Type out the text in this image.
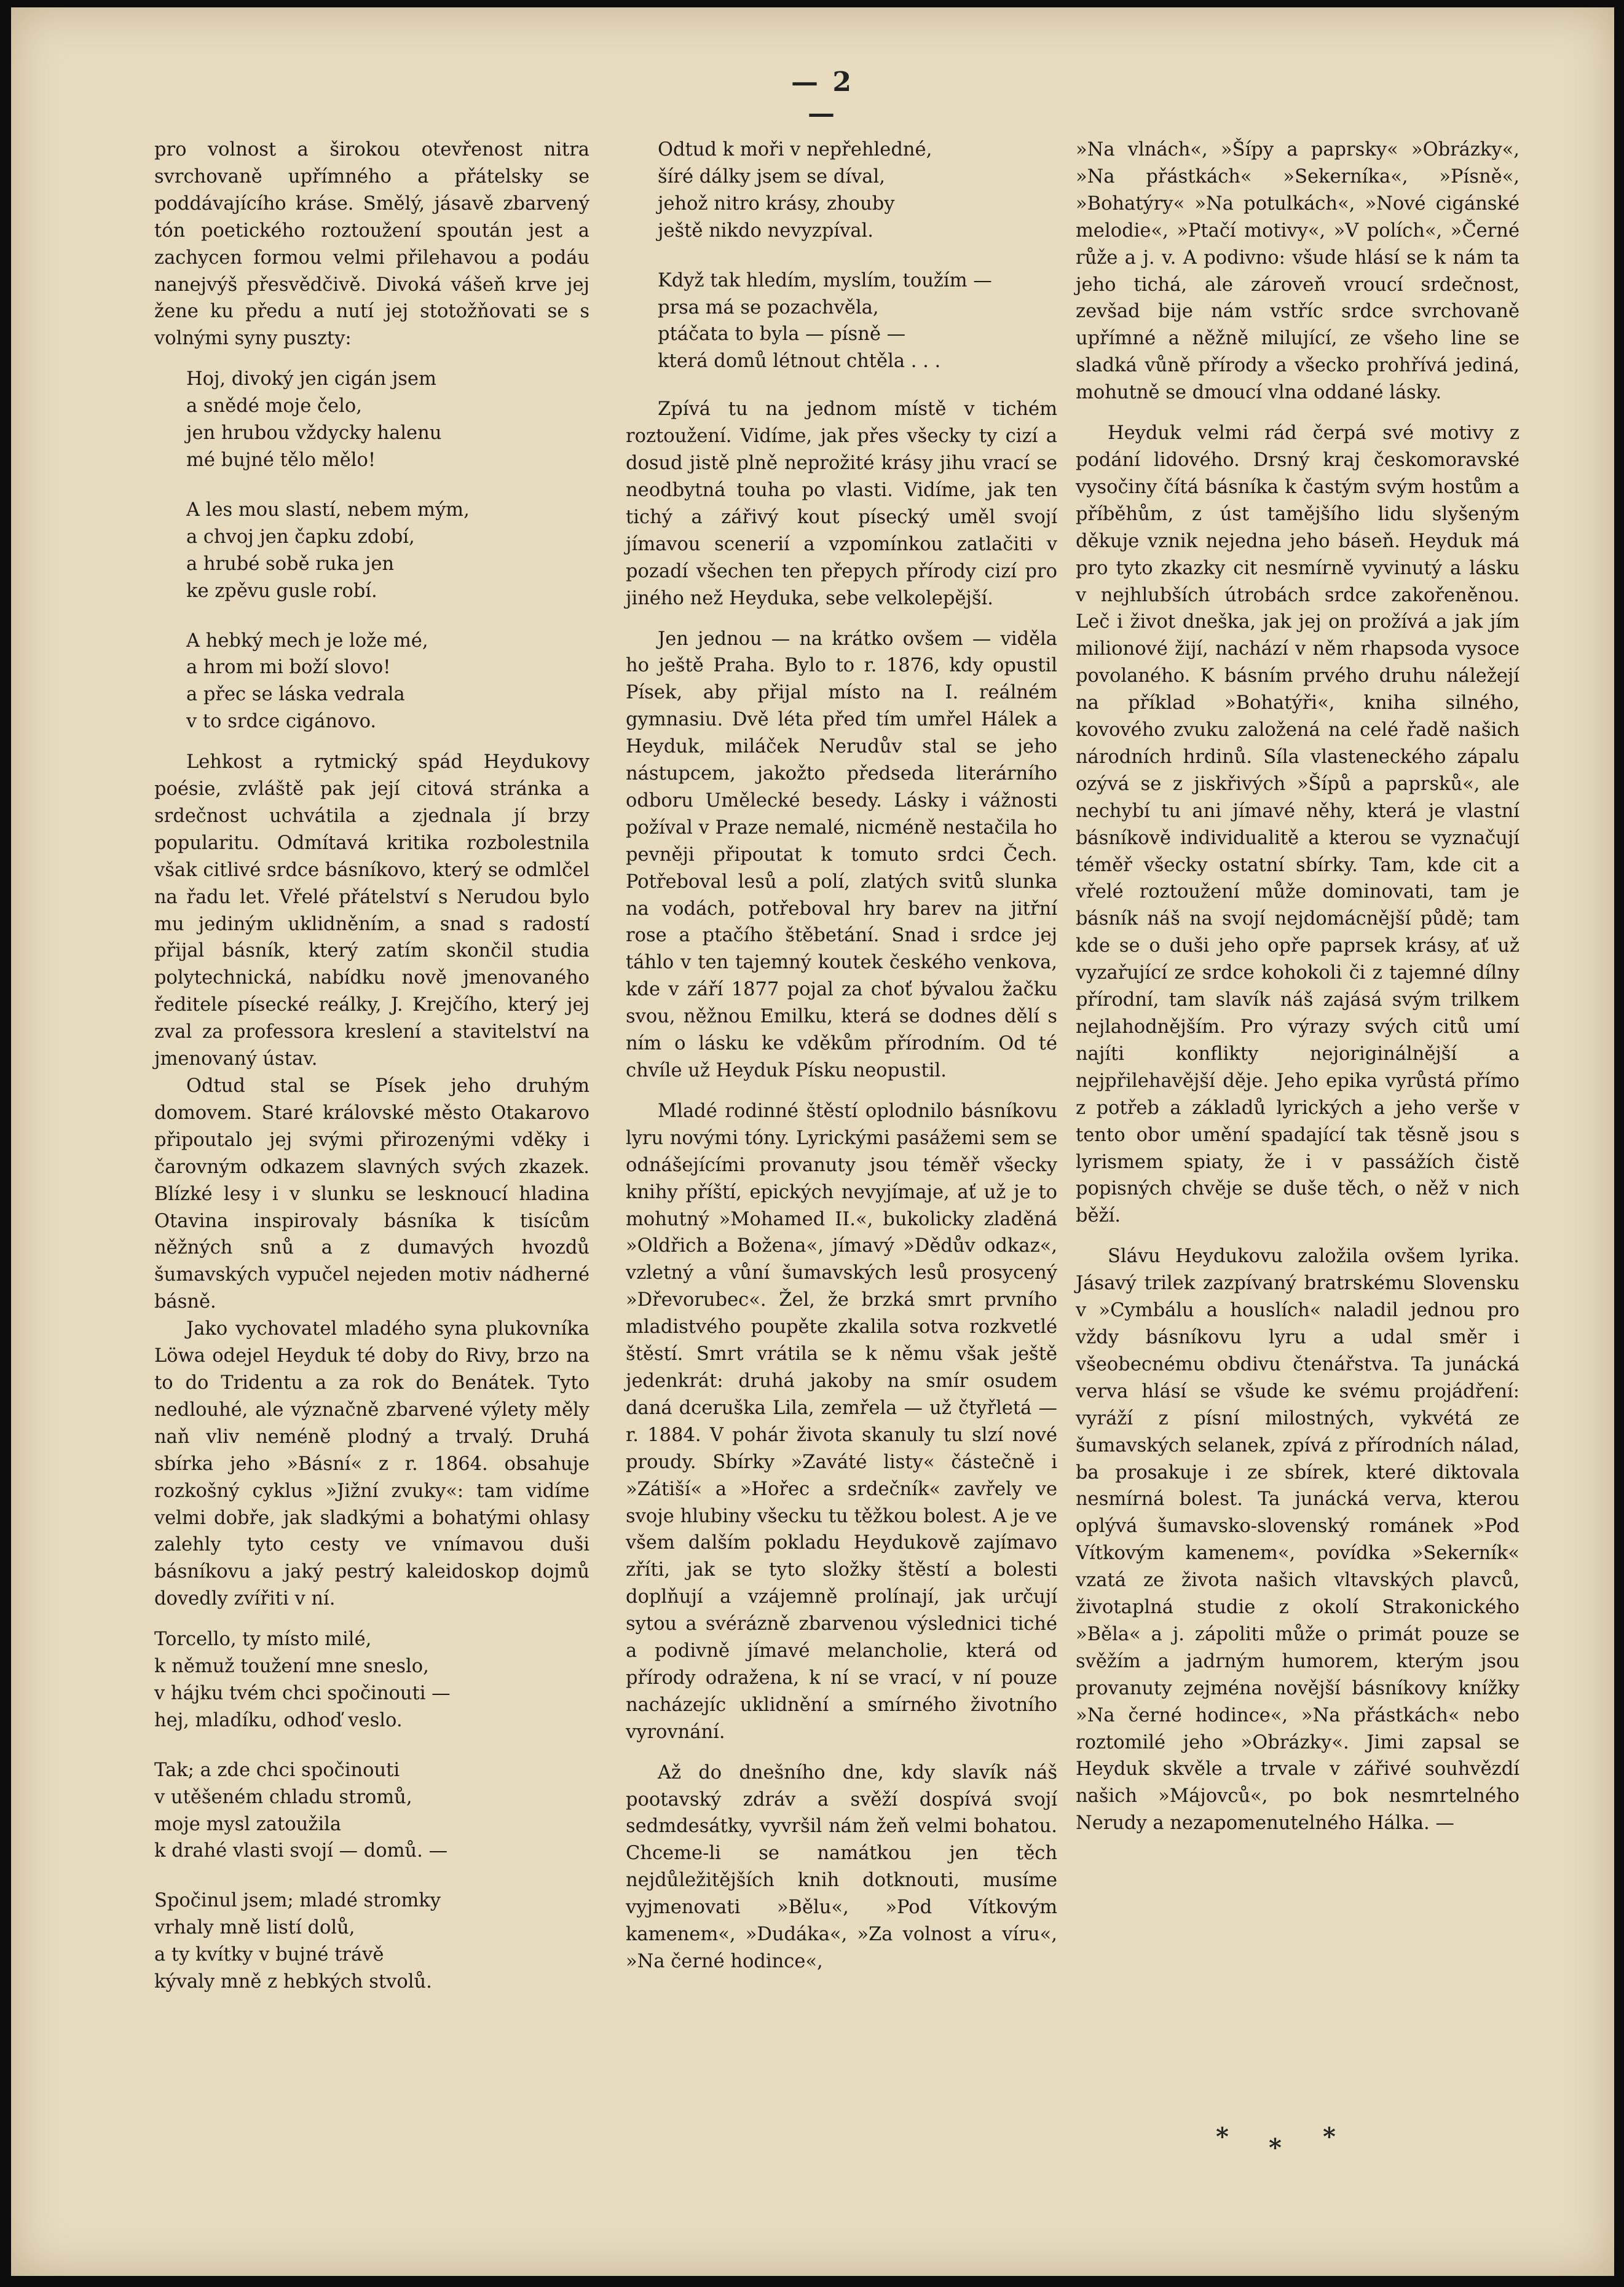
— 2 —

pro volnost a širokou otevřenost nitra svrchovaně upřímného a přátelsky se poddávajícího kráse. Smělý, jásavě zbarvený tón poetického roztoužení spoután jest a zachycen formou velmi přilehavou a podáu nanejvýš přesvědčivě. Divoká vášeň krve jej žene ku předu a nutí jej stotožňovati se s volnými syny puszty:

Hoj, divoký jen cigán jsem
a snědé moje čelo,
jen hrubou vždycky halenu
mé bujné tělo mělo!
A les mou slastí, nebem mým,
a chvoj jen čapku zdobí,
a hrubé sobě ruka jen
ke zpěvu gusle robí.
A hebký mech je lože mé,
a hrom mi boží slovo!
a přec se láska vedrala
v to srdce cigánovo.

Lehkost a rytmický spád Heydukovy poésie, zvláště pak její citová stránka a srdečnost uchvátila a zjednala jí brzy popularitu. Odmítavá kritika rozbolestnila však citlivé srdce básníkovo, který se odmlčel na řadu let. Vřelé přátelství s Nerudou bylo mu jediným uklidněním, a snad s radostí přijal básník, který zatím skončil studia polytechnická, nabídku nově jmenovaného ředitele písecké reálky, J. Krejčího, který jej zval za professora kreslení a stavitelství na jmenovaný ústav.

Odtud stal se Písek jeho druhým domovem. Staré královské město Otakarovo připoutalo jej svými přirozenými vděky i čarovným odkazem slavných svých zkazek. Blízké lesy i v slunku se lesknoucí hladina Otavina inspirovaly básníka k tisícům něžných snů a z dumavých hvozdů šumavských vypučel nejeden motiv nádherné básně.

Jako vychovatel mladého syna plukovníka Löwa odejel Heyduk té doby do Rivy, brzo na to do Tridentu a za rok do Benátek. Tyto nedlouhé, ale význačně zbarvené výlety měly naň vliv neméně plodný a trvalý. Druhá sbírka jeho »Básní« z r. 1864. obsahuje rozkošný cyklus »Jižní zvuky«: tam vidíme velmi dobře, jak sladkými a bohatými ohlasy zalehly tyto cesty ve vnímavou duši básníkovu a jaký pestrý kaleidoskop dojmů dovedly zvířiti v ní.

Torcello, ty místo milé,
k němuž toužení mne sneslo,
v hájku tvém chci spočinouti —
hej, mladíku, odhoď veslo.
Tak; a zde chci spočinouti
v utěšeném chladu stromů,
moje mysl zatoužila
k drahé vlasti svojí — domů. —
Spočinul jsem; mladé stromky
vrhaly mně listí dolů,
a ty kvítky v bujné trávě
kývaly mně z hebkých stvolů.
Odtud k moři v nepřehledné,
šíré dálky jsem se díval,
jehož nitro krásy, zhouby
ještě nikdo nevyzpíval.
Když tak hledím, myslím, toužím —
prsa má se pozachvěla,
ptáčata to byla — písně —
která domů létnout chtěla . . .

Zpívá tu na jednom místě v tichém roztoužení. Vidíme, jak přes všecky ty cizí a dosud jistě plně neprožité krásy jihu vrací se neodbytná touha po vlasti. Vidíme, jak ten tichý a zářivý kout písecký uměl svojí jímavou scenerií a vzpomínkou zatlačiti v pozadí všechen ten přepych přírody cizí pro jiného než Heyduka, sebe velkolepější.

Jen jednou — na krátko ovšem — viděla ho ještě Praha. Bylo to r. 1876, kdy opustil Písek, aby přijal místo na I. reálném gymnasiu. Dvě léta před tím umřel Hálek a Heyduk, miláček Nerudův stal se jeho nástupcem, jakožto předseda literárního odboru Umělecké besedy. Lásky i vážnosti požíval v Praze nemalé, nicméně nestačila ho pevněji připoutat k tomuto srdci Čech. Potřeboval lesů a polí, zlatých svitů slunka na vodách, potřeboval hry barev na jitřní rose a ptačího štěbetání. Snad i srdce jej táhlo v ten tajemný koutek českého venkova, kde v září 1877 pojal za choť bývalou žačku svou, něžnou Emilku, která se dodnes dělí s ním o lásku ke vděkům přírodním. Od té chvíle už Heyduk Písku neopustil.

Mladé rodinné štěstí oplodnilo básníkovu lyru novými tóny. Lyrickými pasážemi sem se odnášejícími provanuty jsou téměř všecky knihy příští, epických nevyjímaje, ať už je to mohutný »Mohamed II.«, bukolicky zladěná »Oldřich a Božena«, jímavý »Dědův odkaz«, vzletný a vůní šumavských lesů prosycený »Dřevorubec«. Žel, že brzká smrt prvního mladistvého poupěte zkalila sotva rozkvetlé štěstí. Smrt vrátila se k němu však ještě jedenkrát: druhá jakoby na smír osudem daná dceruška Lila, zemřela — už čtyřletá — r. 1884. V pohár života skanuly tu slzí nové proudy. Sbírky »Zaváté listy« částečně i »Zátiší« a »Hořec a srdečník« zavřely ve svoje hlubiny všecku tu těžkou bolest. A je ve všem dalším pokladu Heydukově zajímavo zříti, jak se tyto složky štěstí a bolesti doplňují a vzájemně prolínají, jak určují sytou a svérázně zbarvenou výslednici tiché a podivně jímavé melancholie, která od přírody odražena, k ní se vrací, v ní pouze nacházejíc uklidnění a smírného životního vyrovnání.

Až do dnešního dne, kdy slavík náš pootavský zdráv a svěží dospívá svojí sedmdesátky, vyvršil nám žeň velmi bohatou. Chceme-li se namátkou jen těch nejdůležitějších knih dotknouti, musíme vyjmenovati »Bělu«, »Pod Vítkovým kamenem«, »Dudáka«, »Za volnost a víru«, »Na černé hodince«,

»Na vlnách«, »Šípy a paprsky« »Obrázky«, »Na přástkách« »Sekerníka«, »Písně«, »Bohatýry« »Na potulkách«, »Nové cigánské melodie«, »Ptačí motivy«, »V polích«, »Černé růže a j. v. A podivno: všude hlásí se k nám ta jeho tichá, ale zároveň vroucí srdečnost, zevšad bije nám vstříc srdce svrchovaně upřímné a něžně milující, ze všeho line se sladká vůně přírody a všecko prohřívá jediná, mohutně se dmoucí vlna oddané lásky.

Heyduk velmi rád čerpá své motivy z podání lidového. Drsný kraj českomoravské vysočiny čítá básníka k častým svým hostům a příběhům, z úst tamějšího lidu slyšeným děkuje vznik nejedna jeho báseň. Heyduk má pro tyto zkazky cit nesmírně vyvinutý a lásku v nejhlubších útrobách srdce zakořeněnou. Leč i život dneška, jak jej on prožívá a jak jím milionové žijí, nachází v něm rhapsoda vysoce povolaného. K básním prvého druhu náležejí na příklad »Bohatýři«, kniha silného, kovového zvuku založená na celé řadě našich národních hrdinů. Síla vlasteneckého zápalu ozývá se z jiskřivých »Šípů a paprsků«, ale nechybí tu ani jímavé něhy, která je vlastní básníkově individualitě a kterou se vyznačují téměř všecky ostatní sbírky. Tam, kde cit a vřelé roztoužení může dominovati, tam je básník náš na svojí nejdomácnější půdě; tam kde se o duši jeho opře paprsek krásy, ať už vyzařující ze srdce kohokoli či z tajemné dílny přírodní, tam slavík náš zajásá svým trilkem nejlahodnějším. Pro výrazy svých citů umí najíti konflikty nejoriginálnější a nejpřilehavější děje. Jeho epika vyrůstá přímo z potřeb a základů lyrických a jeho verše v tento obor umění spadající tak těsně jsou s lyrismem spiaty, že i v passážích čistě popisných chvěje se duše těch, o něž v nich běží.

Slávu Heydukovu založila ovšem lyrika. Jásavý trilek zazpívaný bratrskému Slovensku v »Cymbálu a houslích« naladil jednou pro vždy básníkovu lyru a udal směr i všeobecnému obdivu čtenářstva. Ta junácká verva hlásí se všude ke svému projádření: vyráží z písní milostných, vykvétá ze šumavských selanek, zpívá z přírodních nálad, ba prosakuje i ze sbírek, které diktovala nesmírná bolest. Ta junácká verva, kterou oplývá šumavsko-slovenský románek »Pod Vítkovým kamenem«, povídka »Sekerník« vzatá ze života našich vltavských plavců, životaplná studie z okolí Strakonického »Běla« a j. zápoliti může o primát pouze se svěžím a jadrným humorem, kterým jsou provanuty zejména novější básníkovy knížky »Na černé hodince«, »Na přástkách« nebo roztomilé jeho »Obrázky«. Jimi zapsal se Heyduk skvěle a trvale v zářivé souhvězdí našich »Májovců«, po bok nesmrtelného Nerudy a nezapomenutelného Hálka. —

* * *
